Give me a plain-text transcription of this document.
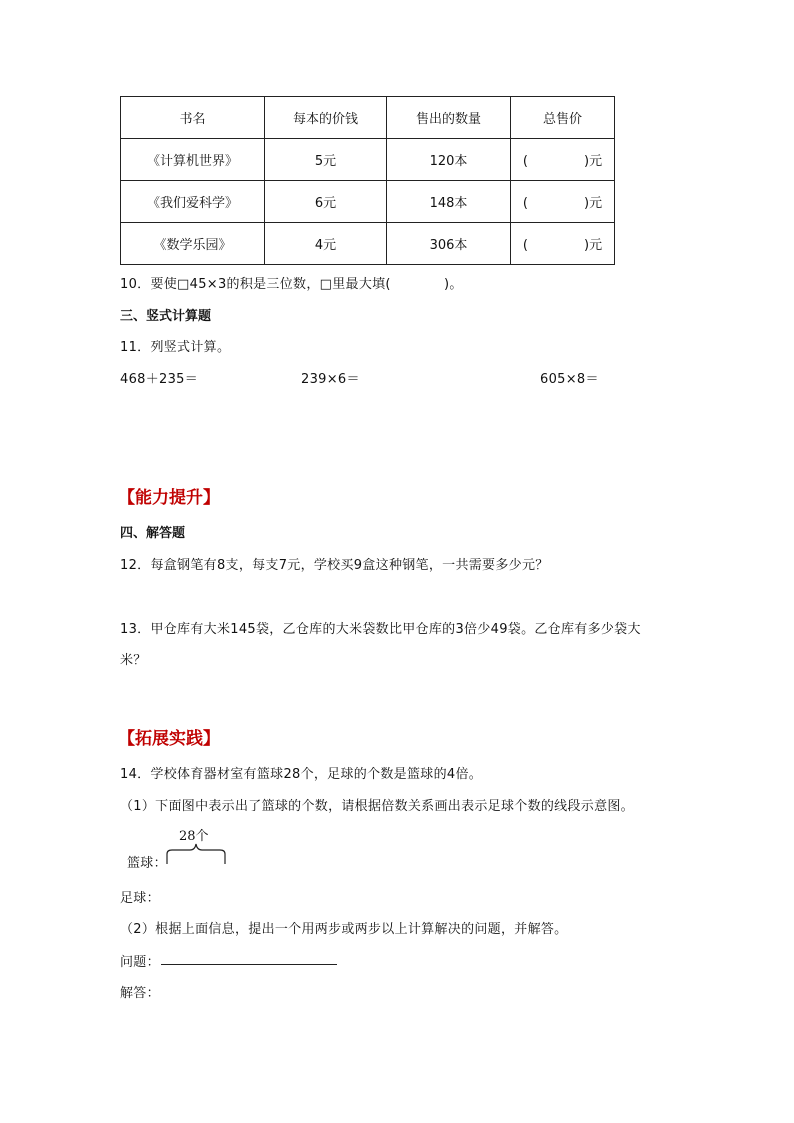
书名	每本的价钱	售出的数量	总售价
《计算机世界》	5元	120本	( )元
《我们爱科学》	6元	148本	( )元
《数学乐园》	4元	306本	( )元
10．要使□45×3的积是三位数，□里最大填(　　　　)。
三、竖式计算题
11．列竖式计算。
468＋235＝	239×6＝	605×8＝
【能力提升】
四、解答题
12．每盒钢笔有8支，每支7元，学校买9盒这种钢笔，一共需要多少元？
13．甲仓库有大米145袋，乙仓库的大米袋数比甲仓库的3倍少49袋。乙仓库有多少袋大
米？
【拓展实践】
14．学校体育器材室有篮球28个，足球的个数是篮球的4倍。
（1）下面图中表示出了篮球的个数，请根据倍数关系画出表示足球个数的线段示意图。
28个
篮球：
足球：
（2）根据上面信息，提出一个用两步或两步以上计算解决的问题，并解答。
问题：
解答：
